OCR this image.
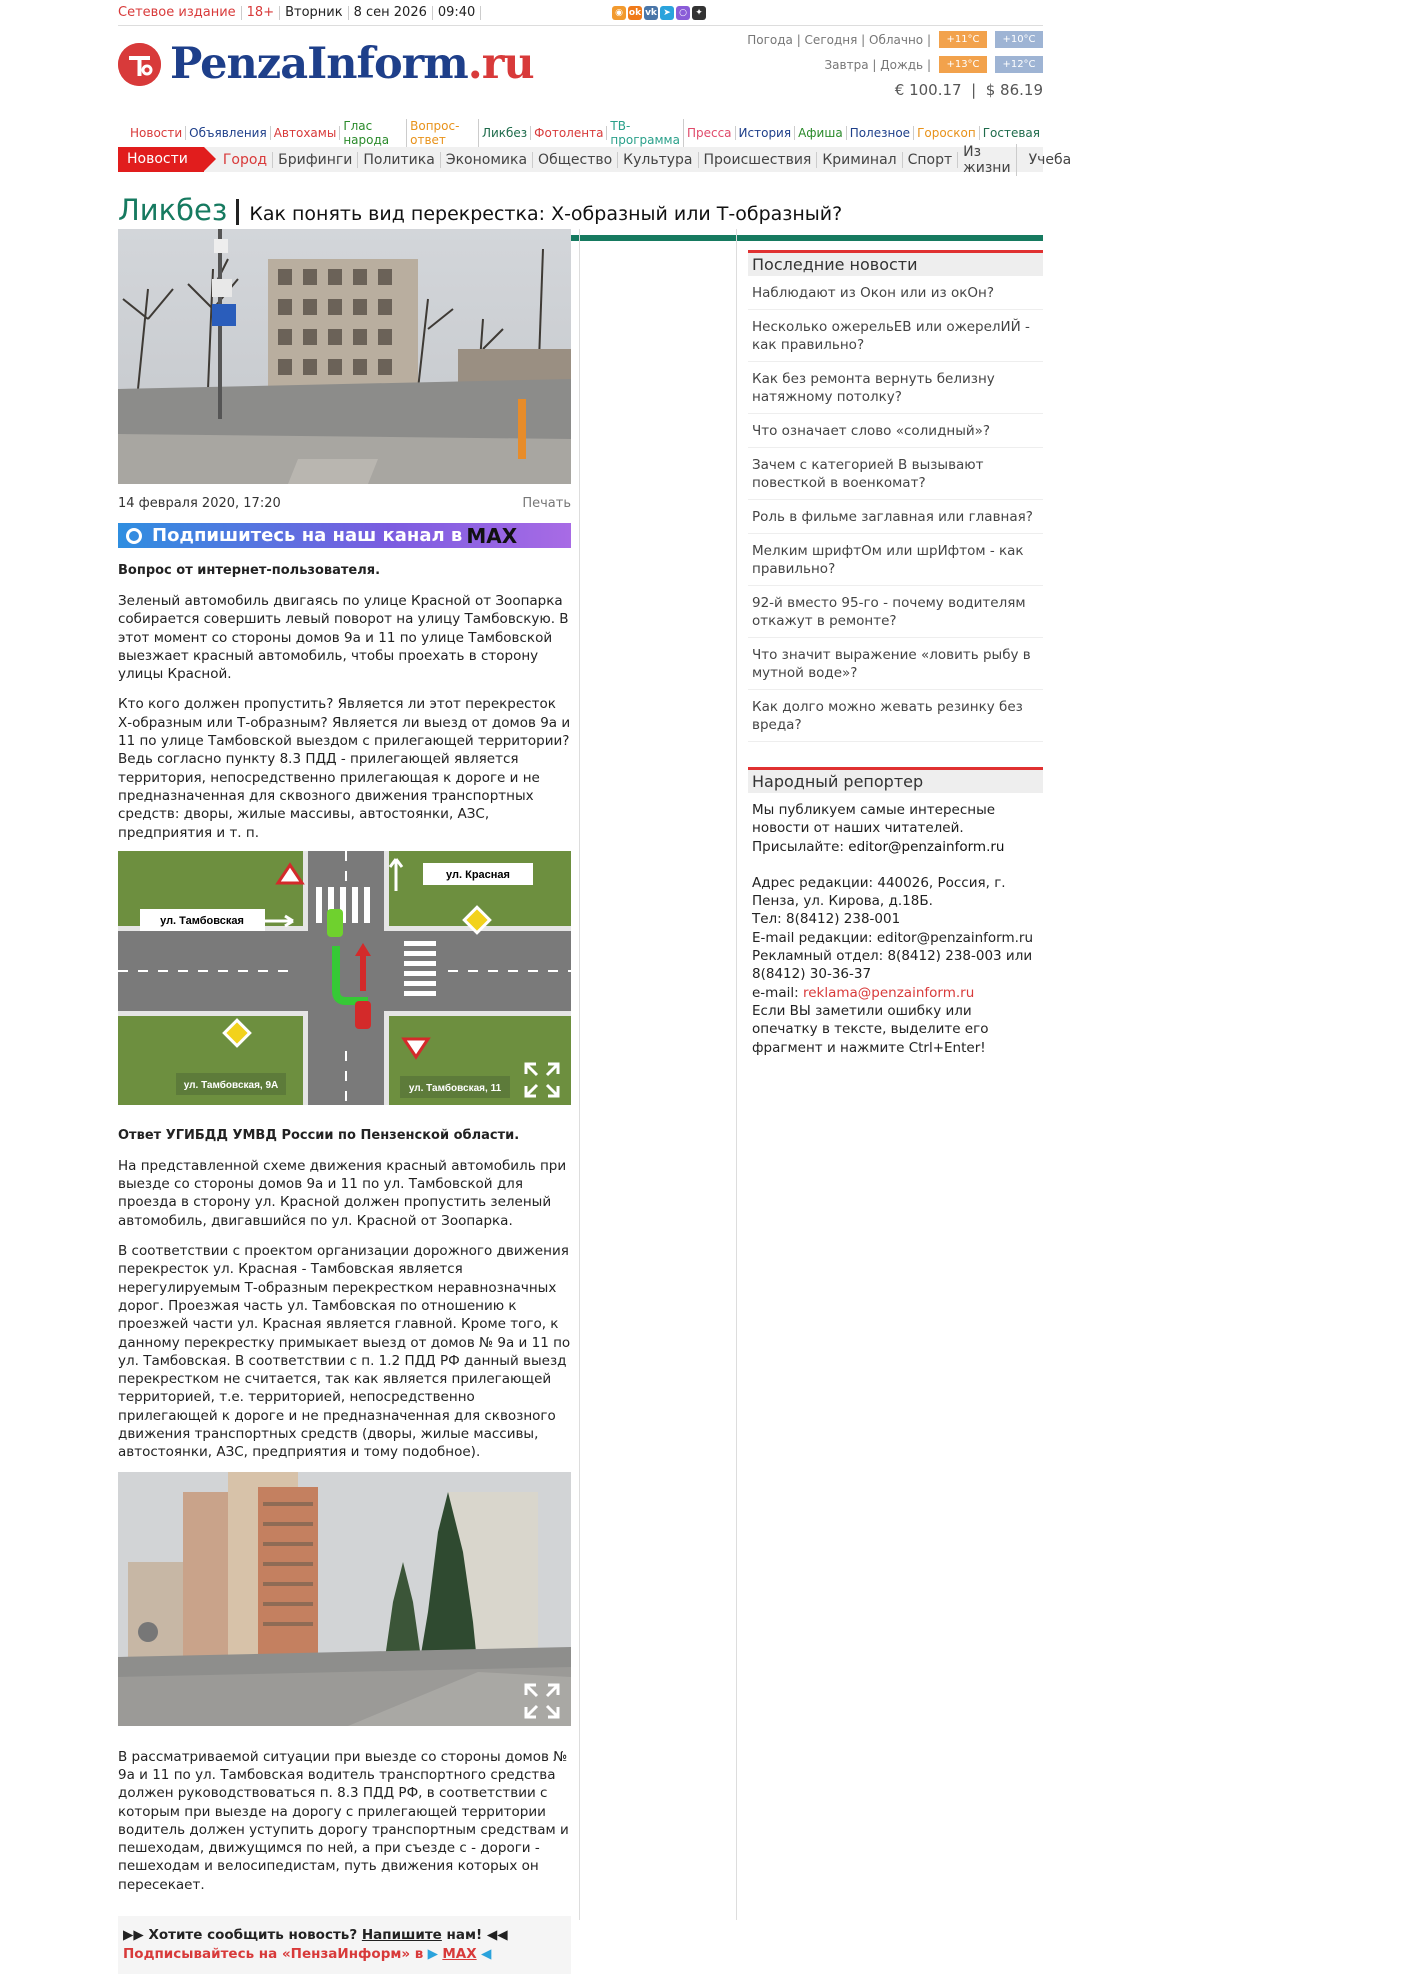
Сетевое издание 18+ Вторник 8 сен 2026 09:40	◉ ok vk ➤ ○ ✦
PenzaInform.ru	Погода | Сегодня | Облачно |	+11°C	+10°C
Завтра | Дождь |	+13°C	+12°C
€ 100.17 | $ 86.19
Новости Объявления Автохамы Глас народа
Вопрос-ответ	Ликбез Фотолента ТВ-программа Пресса История Афиша Полезное Гороскоп Гостевая
Новости	Город Брифинги Политика Экономика Общество Культура Происшествия Криминал Спорт Из жизни	Учеба
Ликбез Как понять вид перекрестка: Х-образный или Т-образный?
14 февраля 2020, 17:20	Печать
Подпишитесь на наш канал в MAX
Вопрос от интернет-пользователя.
Зеленый автомобиль двигаясь по улице Красной от Зоопарка собирается совершить левый поворот на улицу Тамбовскую. В этот момент со стороны домов 9а и 11 по улице Тамбовской выезжает красный автомобиль, чтобы проехать в сторону улицы Красной.
Кто кого должен пропустить? Является ли этот перекресток Х-образным или Т-образным? Является ли выезд от домов 9а и 11 по улице Тамбовской выездом с прилегающей территории? Ведь согласно пункту 8.3 ПДД - прилегающей является территория, непосредственно прилегающая к дороге и не предназначенная для сквозного движения транспортных средств: дворы, жилые массивы, автостоянки, АЗС, предприятия и т. п.
ул. Тамбовская
ул. Красная
ул. Тамбовская, 9А	ул. Тамбовская, 11
Ответ УГИБДД УМВД России по Пензенской области.
На представленной схеме движения красный автомобиль при выезде со стороны домов 9а и 11 по ул. Тамбовской для проезда в сторону ул. Красной должен пропустить зеленый автомобиль, двигавшийся по ул. Красной от Зоопарка.
В соответствии с проектом организации дорожного движения перекресток ул. Красная - Тамбовская является нерегулируемым Т-образным перекрестком неравнозначных дорог. Проезжая часть ул. Тамбовская по отношению к проезжей части ул. Красная является главной. Кроме того, к данному перекрестку примыкает выезд от домов № 9а и 11 по ул. Тамбовская. В соответствии с п. 1.2 ПДД РФ данный выезд перекрестком не считается, так как является прилегающей территорией, т.е. территорией, непосредственно прилегающей к дороге и не предназначенная для сквозного движения транспортных средств (дворы, жилые массивы, автостоянки, АЗС, предприятия и тому подобное).
В рассматриваемой ситуации при выезде со стороны домов № 9а и 11 по ул. Тамбовская водитель транспортного средства должен руководствоваться п. 8.3 ПДД РФ, в соответствии с которым при выезде на дорогу с прилегающей территории водитель должен уступить дорогу транспортным средствам и пешеходам, движущимся по ней, а при съезде с - дороги - пешеходам и велосипедистам, путь движения которых он пересекает.
▶▶ Хотите сообщить новость? Напишите нам! ◀◀
Подписывайтесь на «ПензаИнформ» в ▶ MAX ◀
Последние новости
Наблюдают из Окон или из окОн?
Несколько ожерельЕВ или ожерелИЙ - как правильно?
Как без ремонта вернуть белизну натяжному потолку?
Что означает слово «солидный»?
Зачем с категорией В вызывают повесткой в военкомат?
Роль в фильме заглавная или главная?
Мелким шрифтОм или шрИфтом - как правильно?
92-й вместо 95-го - почему водителям откажут в ремонте?
Что значит выражение «ловить рыбу в мутной воде»?
Как долго можно жевать резинку без вреда?
Народный репортер
Мы публикуем самые интересные новости от наших читателей.
Присылайте: editor@penzainform.ru
Адрес редакции: 440026, Россия, г. Пенза, ул. Кирова, д.18Б.
Тел: 8(8412) 238-001
E-mail редакции: editor@penzainform.ru
Рекламный отдел: 8(8412) 238-003 или 8(8412) 30-36-37
e-mail: reklama@penzainform.ru
Если ВЫ заметили ошибку или опечатку в тексте, выделите его фрагмент и нажмите Ctrl+Enter!
